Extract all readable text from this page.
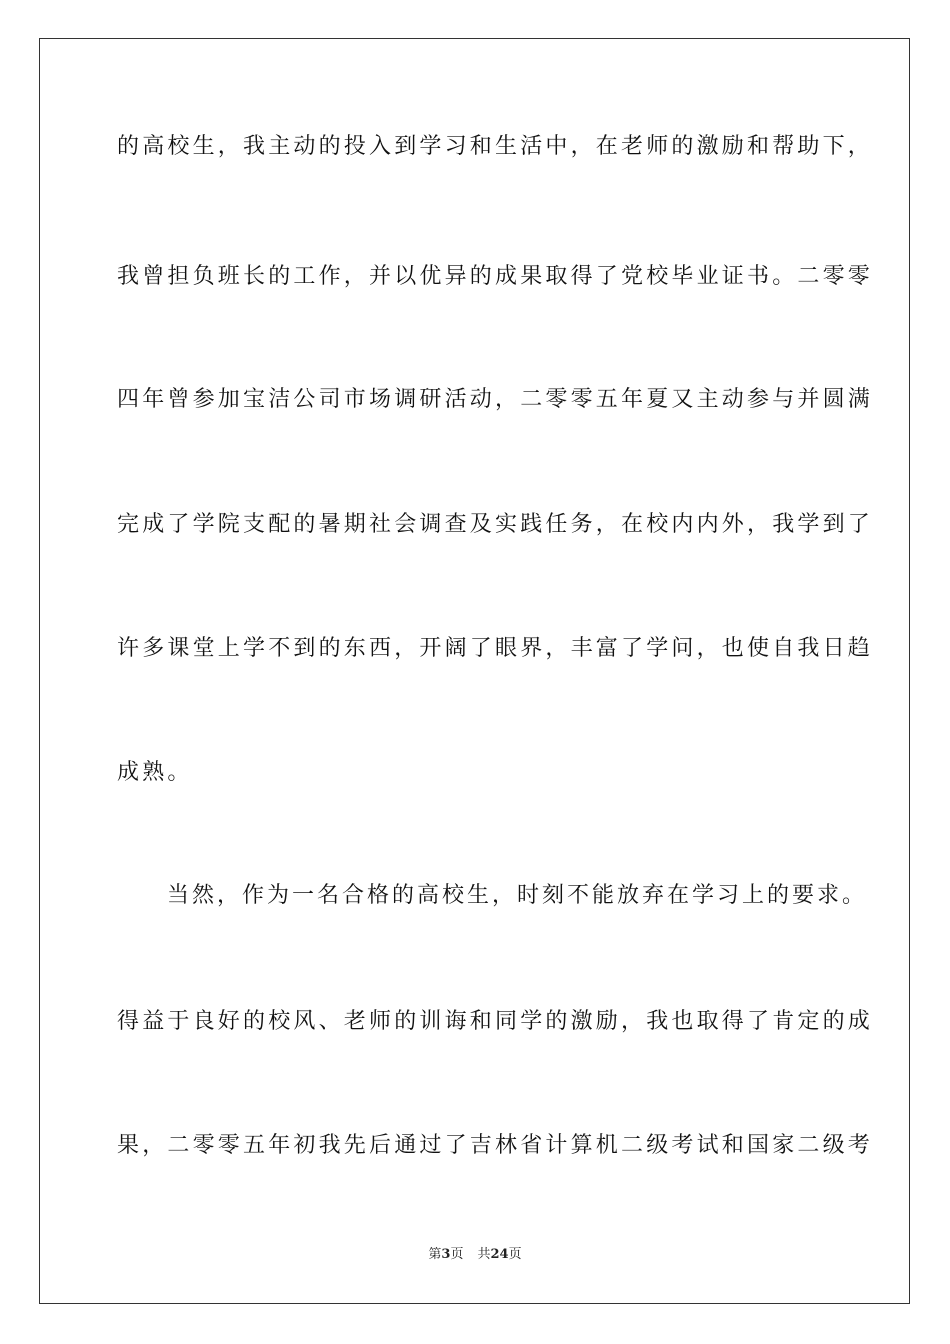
的高校生，我主动的投入到学习和生活中，在老师的激励和帮助下，
我曾担负班长的工作，并以优异的成果取得了党校毕业证书。二零零
四年曾参加宝洁公司市场调研活动，二零零五年夏又主动参与并圆满
完成了学院支配的暑期社会调查及实践任务，在校内内外，我学到了
许多课堂上学不到的东西，开阔了眼界，丰富了学问，也使自我日趋
成熟。
　　当然，作为一名合格的高校生，时刻不能放弃在学习上的要求。
得益于良好的校风、老师的训诲和同学的激励，我也取得了肯定的成
果，二零零五年初我先后通过了吉林省计算机二级考试和国家二级考
第3页 共24页
